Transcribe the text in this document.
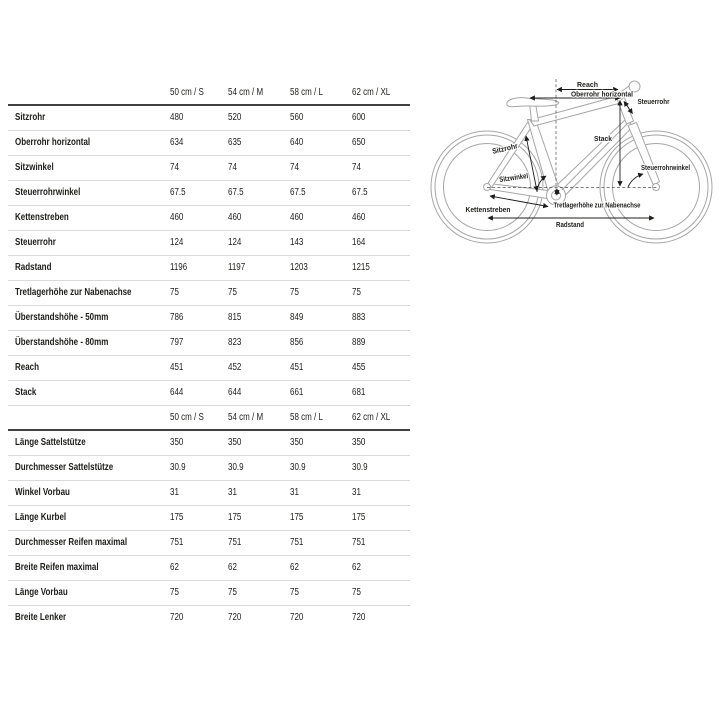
	50 cm / S	54 cm / M	58 cm / L	62 cm / XL
Sitzrohr	480	520	560	600
Oberrohr horizontal	634	635	640	650
Sitzwinkel	74	74	74	74
Steuerrohrwinkel	67.5	67.5	67.5	67.5
Kettenstreben	460	460	460	460
Steuerrohr	124	124	143	164
Radstand	1196	1197	1203	1215
Tretlagerhöhe zur Nabenachse	75	75	75	75
Überstandshöhe - 50mm	786	815	849	883
Überstandshöhe - 80mm	797	823	856	889
Reach	451	452	451	455
Stack	644	644	661	681
	50 cm / S	54 cm / M	58 cm / L	62 cm / XL
Länge Sattelstütze	350	350	350	350
Durchmesser Sattelstütze	30.9	30.9	30.9	30.9
Winkel Vorbau	31	31	31	31
Länge Kurbel	175	175	175	175
Durchmesser Reifen maximal	751	751	751	751
Breite Reifen maximal	62	62	62	62
Länge Vorbau	75	75	75	75
Breite Lenker	720	720	720	720
Reach
Oberrohr horizontal
Steuerrohr
Stack
Sitzrohr
Sitzwinkel
Tretlagerhöhe zur Nabenachse
Kettenstreben
Radstand
Steuerrohrwinkel
